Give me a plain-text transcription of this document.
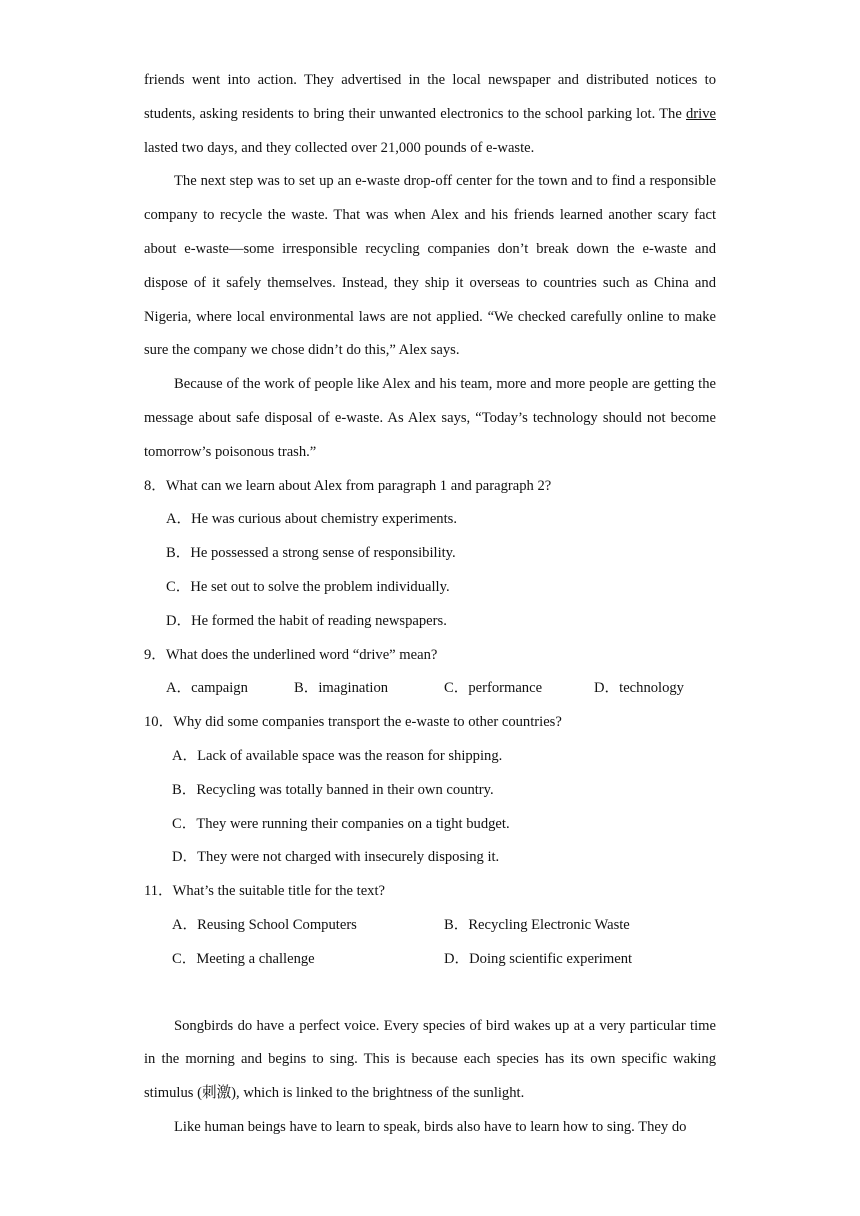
friends went into action. They advertised in the local newspaper and distributed notices to students, asking residents to bring their unwanted electronics to the school parking lot. The drive lasted two days, and they collected over 21,000 pounds of e-waste.

The next step was to set up an e-waste drop-off center for the town and to find a responsible company to recycle the waste. That was when Alex and his friends learned another scary fact about e-waste—some irresponsible recycling companies don’t break down the e-waste and dispose of it safely themselves. Instead, they ship it overseas to countries such as China and Nigeria, where local environmental laws are not applied. “We checked carefully online to make sure the company we chose didn’t do this,” Alex says.

Because of the work of people like Alex and his team, more and more people are getting the message about safe disposal of e-waste. As Alex says, “Today’s technology should not become tomorrow’s poisonous trash.”

8．What can we learn about Alex from paragraph 1 and paragraph 2?

A．He was curious about chemistry experiments.

B．He possessed a strong sense of responsibility.

C．He set out to solve the problem individually.

D．He formed the habit of reading newspapers.

9．What does the underlined word “drive” mean?

A．campaign	B．imagination	C．performance	D．technology

10．Why did some companies transport the e-waste to other countries?

A．Lack of available space was the reason for shipping.

B．Recycling was totally banned in their own country.

C．They were running their companies on a tight budget.

D．They were not charged with insecurely disposing it.

11．What’s the suitable title for the text?

A．Reusing School Computers	B．Recycling Electronic Waste
C．Meeting a challenge	D．Doing scientific experiment

Songbirds do have a perfect voice. Every species of bird wakes up at a very particular time in the morning and begins to sing. This is because each species has its own specific waking stimulus (刺激), which is linked to the brightness of the sunlight.

Like human beings have to learn to speak, birds also have to learn how to sing. They do
